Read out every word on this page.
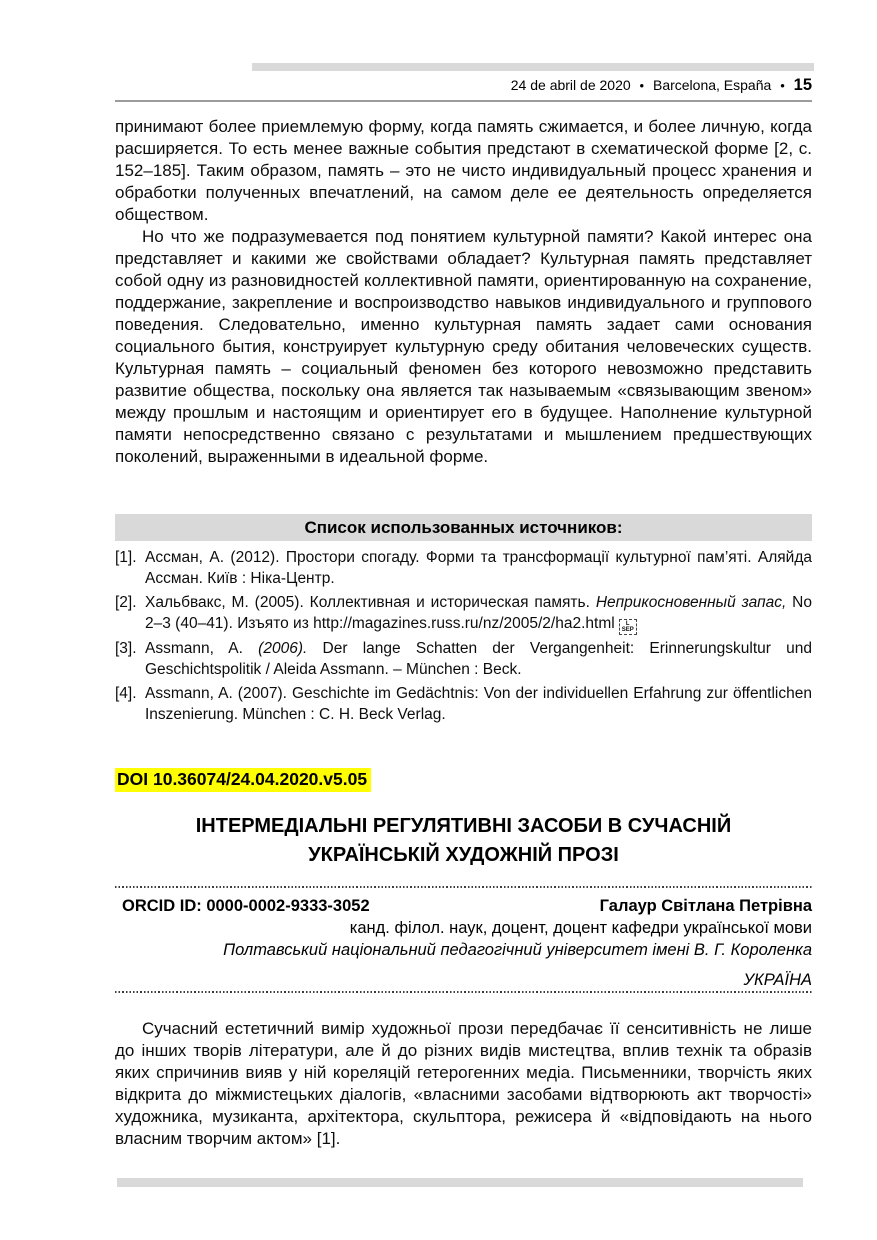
24 de abril de 2020 • Barcelona, España • 15

принимают более приемлемую форму, когда память сжимается, и более личную, когда расширяется. То есть менее важные события предстают в схематической форме [2, с. 152–185]. Таким образом, память – это не чисто индивидуальный процесс хранения и обработки полученных впечатлений, на самом деле ее деятельность определяется обществом.

Но что же подразумевается под понятием культурной памяти? Какой интерес она представляет и какими же свойствами обладает? Культурная память представляет собой одну из разновидностей коллективной памяти, ориентированную на сохранение, поддержание, закрепление и воспроизводство навыков индивидуального и группового поведения. Следовательно, именно культурная память задает сами основания социального бытия, конструирует культурную среду обитания человеческих существ. Культурная память – социальный феномен без которого невозможно представить развитие общества, поскольку она является так называемым «связывающим звеном» между прошлым и настоящим и ориентирует его в будущее. Наполнение культурной памяти непосредственно связано с результатами и мышлением предшествующих поколений, выраженными в идеальной форме.

Список использованных источников:
[1]. Ассман, А. (2012). Простори спогаду. Форми та трансформації культурної пам’яті. Аляйда Ассман. Київ : Ніка-Центр.
[2]. Хальбвакс, М. (2005). Коллективная и историческая память. Неприкосновенный запас, No 2–3 (40–41). Изъято из http://magazines.russ.ru/nz/2005/2/ha2.html	L
SEP
[3]. Assmann, A. (2006). Der lange Schatten der Vergangenheit: Erinnerungskultur und Geschichtspolitik / Aleida Assmann. – München : Beck.
[4]. Assmann, A. (2007). Geschichte im Gedächtnis: Von der individuellen Erfahrung zur öffentlichen Inszenierung. München : C. H. Beck Verlag.
DOI 10.36074/24.04.2020.v5.05
ІНТЕРМЕДІАЛЬНІ РЕГУЛЯТИВНІ ЗАСОБИ В СУЧАСНІЙ
УКРАЇНСЬКІЙ ХУДОЖНІЙ ПРОЗІ
ORCID ID: 0000-0002-9333-3052	Галаур Світлана Петрівна
канд. філол. наук, доцент, доцент кафедри української мови
Полтавський національний педагогічний університет імені В. Г. Короленка
УКРАЇНА

Сучасний естетичний вимір художньої прози передбачає її сенситивність не лише до інших творів літератури, але й до різних видів мистецтва, вплив технік та образів яких спричинив вияв у ній кореляцій гетерогенних медіа. Письменники, творчість яких відкрита до міжмистецьких діалогів, «власними засобами відтворюють акт творчості» художника, музиканта, архітектора, скульптора, режисера й «відповідають на нього власним творчим актом» [1].
